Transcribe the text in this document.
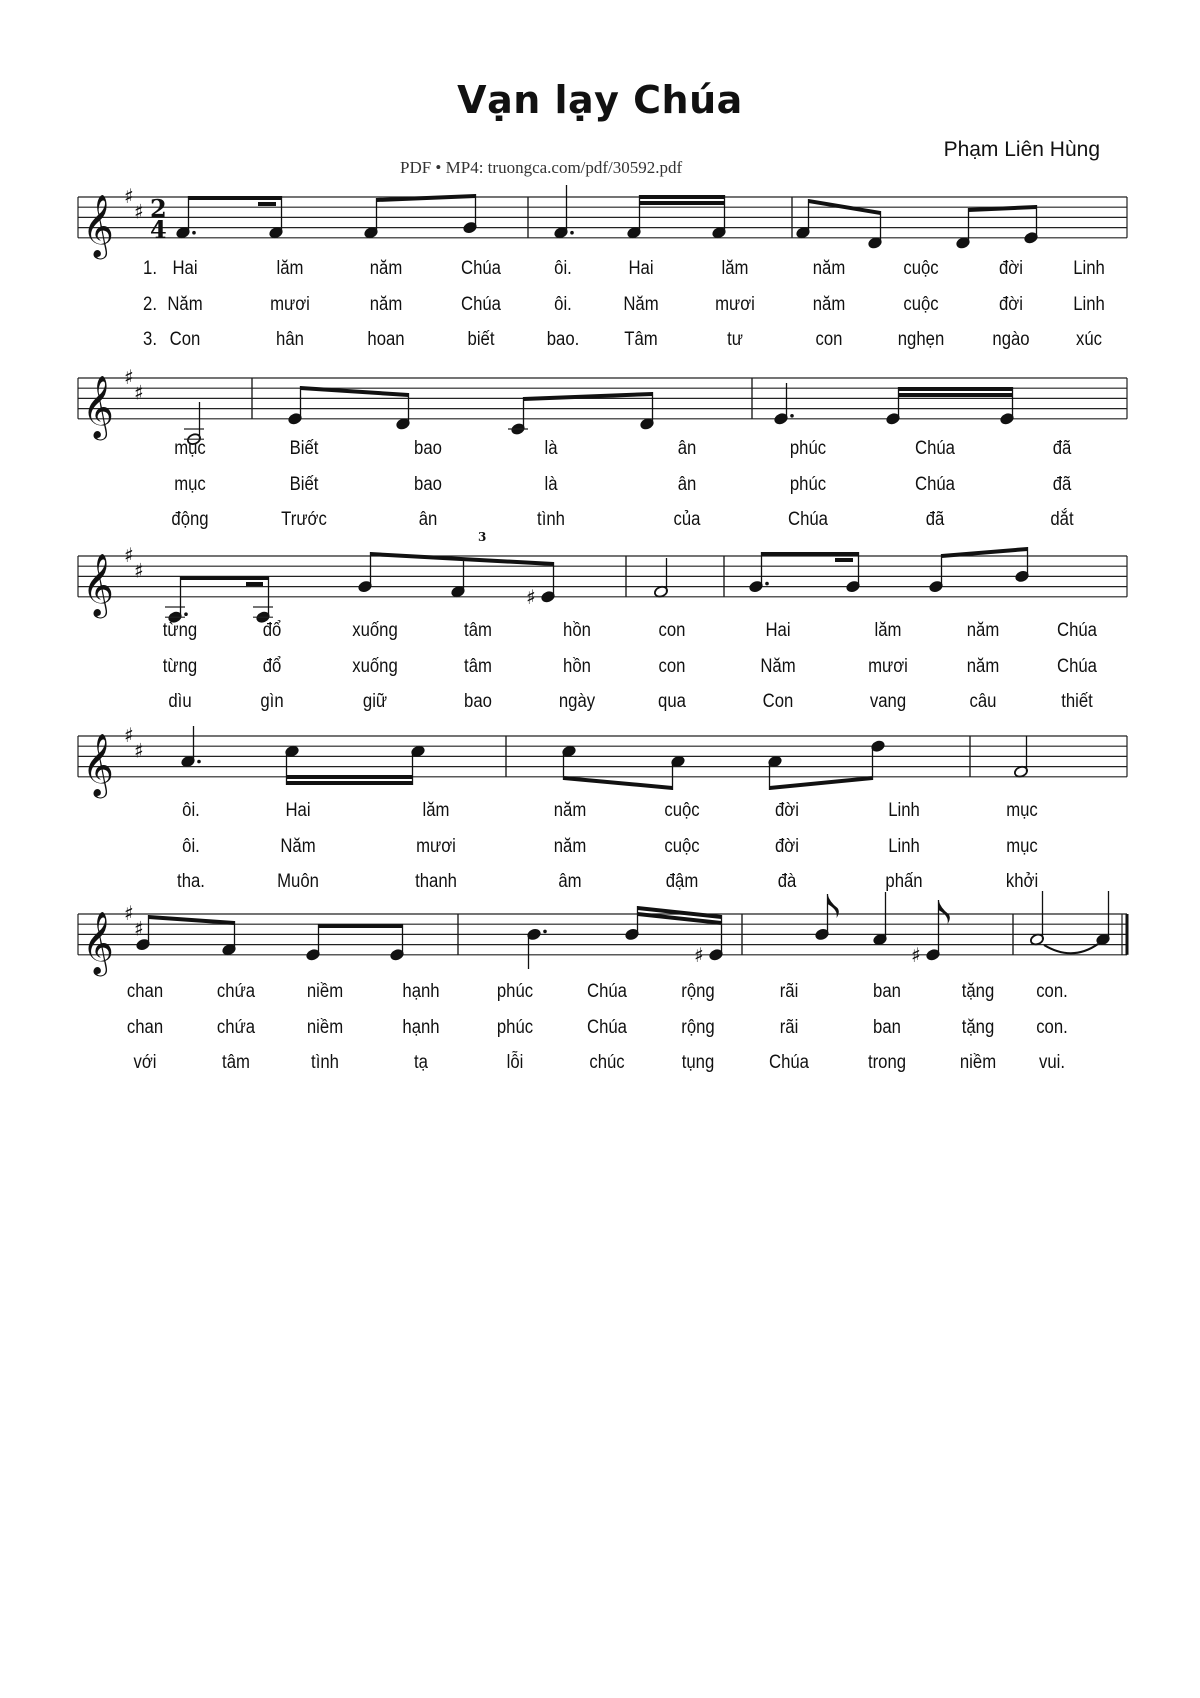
Vạn lạy Chúa
PDF • MP4: truongca.com/pdf/30592.pdf
Phạm Liên Hùng
𝄞 ♯
♯ 2
4
𝄞 ♯
♯
𝄞 ♯
♯
𝄞 ♯
♯
𝄞 ♯
♯
♯
3
♯	♯
Hai	lăm	năm	Chúa	ôi.	Hai	lăm	năm	cuộc	đời	Linh
Năm	mươi	năm	Chúa	ôi.	Năm	mươi	năm	cuộc	đời	Linh
Con	hân	hoan	biết	bao. Tâm	tư	con	nghẹn	ngào xúc
mục	Biết	bao	là	ân	phúc	Chúa	đã
mục	Biết	bao	là	ân	phúc	Chúa	đã
động	Trước	ân	tình	của	Chúa	đã	dắt
từng	đổ	xuống	tâm	hồn	con	Hai	lăm	năm	Chúa
từng	đổ	xuống	tâm	hồn	con	Năm	mươi	năm	Chúa
dìu	gìn	giữ	bao	ngày	qua	Con	vang	câu	thiết
ôi.	Hai	lăm	năm	cuộc	đời	Linh	mục
ôi.	Năm	mươi	năm	cuộc	đời	Linh	mục
tha.	Muôn	thanh	âm	đậm	đà	phấn	khởi
chan	chứa	niềm	hạnh	phúc	Chúa	rộng	rãi	ban	tặng con.
chan	chứa	niềm	hạnh	phúc	Chúa	rộng	rãi	ban	tặng con.
với	tâm	tình	tạ	lỗi	chúc	tụng	Chúa	trong	niềm vui.
1.
2.
3.
